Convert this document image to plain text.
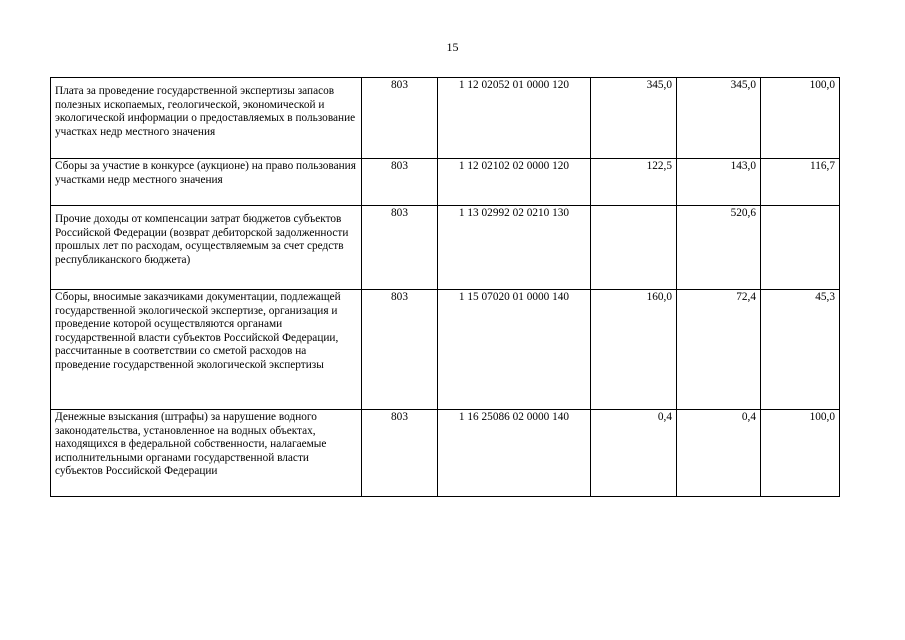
15
Плата за проведение государственной экспертизы запасов полезных ископаемых, геологической, экономической и экологической информации о предоставляемых в пользование участках недр местного значения	803	1 12 02052 01 0000 120	345,0	345,0	100,0
Сборы за участие в конкурсе (аукционе) на право пользования участками недр местного значения	803	1 12 02102 02 0000 120	122,5	143,0	116,7

Прочие доходы от компенсации затрат бюджетов субъектов Российской Федерации (возврат дебиторской задолженности прошлых лет по расходам, осуществляемым за счет средств республиканского бюджета)	803	1 13 02992 02 0210 130		520,6	
Сборы, вносимые заказчиками документации, подлежащей государственной экологической экспертизе, организация и проведение которой осуществляются органами государственной власти субъектов Российской Федерации, рассчитанные в соответствии со сметой расходов на проведение государственной экологической экспертизы	803	1 15 07020 01 0000 140	160,0	72,4	45,3
Денежные взыскания (штрафы) за нарушение водного законодательства, установленное на водных объектах, находящихся в федеральной собственности, налагаемые исполнительными органами государственной власти субъектов Российской Федерации	803	1 16 25086 02 0000 140	0,4	0,4	100,0
